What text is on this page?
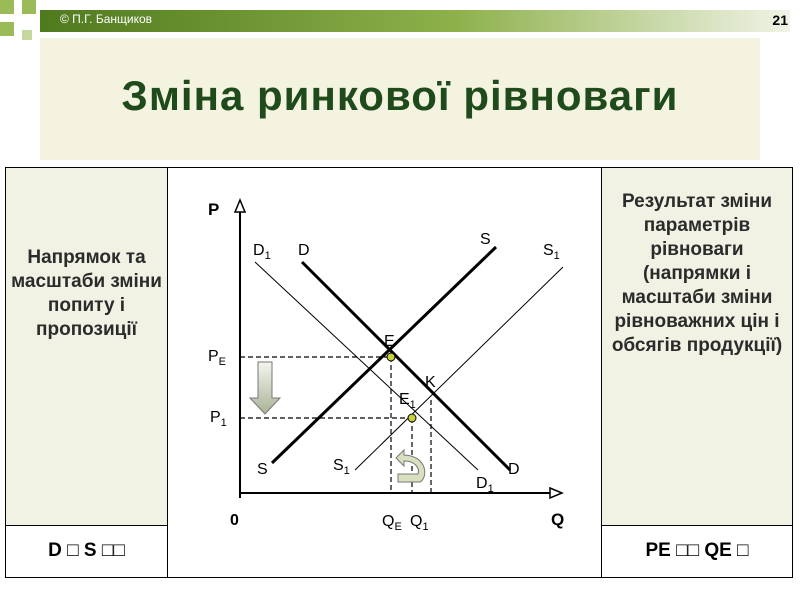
© П.Г. Банщиков	21
Зміна ринкової рівноваги
Напрямок та масштаби зміни попиту і пропозиції
Результат зміни параметрів рівноваги (напрямки і масштаби зміни рівноважних цін і обсягів продукції)
D □ S □□	PE □□ QE □
P
Q
0
$D_1$ D
S
$S_1$
S	$S_1$	D
$D_1$
E
$E_1$
K
$P_E$
$P_1$
$Q_E$ $Q_1$
